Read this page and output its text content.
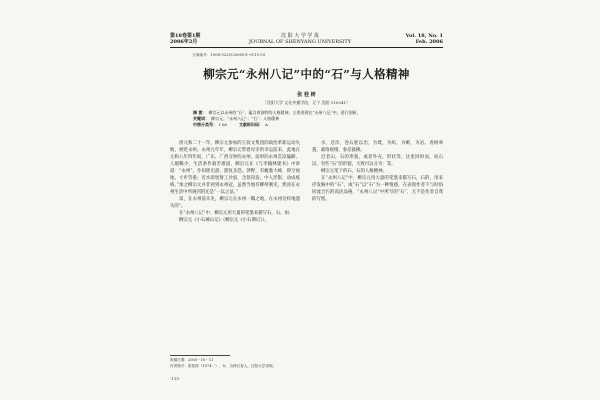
第18卷第1期
2006年2月
沈 阳 大 学 学 报
JOURNAL OF SHENYANG UNIVERSITY
Vol. 18, No. 1
Feb. 2006
文章编号：1008-9225(2006)01-0115-03
柳宗元“永州八记”中的“石”与人格精神
张 桂 树
（沈阳大学 文化传播学院，辽宁 沈阳 110041）
摘 要： 柳宗元以永州的“石”，蕴含着独特的人格精神，主要表现在“永州八记”中。进行剖析。
关键词： 柳宗元；“永州八记”；“石”；人格精神
中图分类号： I 06	文献标识码： A

唐元和二十一年，柳宗元参加的王叔文集团的政治革新运动失败，被贬永州。永州元年年，柳宗元带着母亲的幸运前来，此地在元和八年四年间，广东、广西交界的永州。前时的永州荒凉偏僻，人烟稀少，生活条件艰苦难道，柳宗元在《与李翰林建书》中讲道：“永州”，仆闷即出游，游复多恐。涉野，有蝮虺大蜂，仰空视地，寸步劳倦；近水即畏射工沙虱，含怒窃发，中人形影，动成疮痏。”加之柳宗元并非初到永州冠，虽然当地有柳州刺史，然而在永州生活中所遇到的还是“一以之法，”

第，在永州前未见，柳宗元在永州一隅之地，在永州这样地遗失的”。

在“永州八记”中，柳宗元用大量的笔墨来描写石，石，如：

柳宗元《小石城山记》（柳宗元《小石潭记》）。

水，近岸，卷石底以出，为坻，为屿，为嵁，为岩。青树翠蔓，蒙络摇缀，参差披拂。

近者山，石的形貌，或者外壳、形状等，这里同时而，而石以，有些“石”的形貌，大致可以分为：等。

柳宗元笔下的石，石的人格精神。

在“永州八记”中，柳宗元用大量的笔墨来描写石，石的，用来抒发胸中的“石”，或“石”以“石”为一种情感，在表现作者不与时俗同流合污的高洁品格，“永州八记”中所写的“石”，无不是作者自我的写照。

收稿日期：2005－10－11
作者简介：张桂树（1974－），女，吉林长春人，沈阳大学讲师。
·115·
